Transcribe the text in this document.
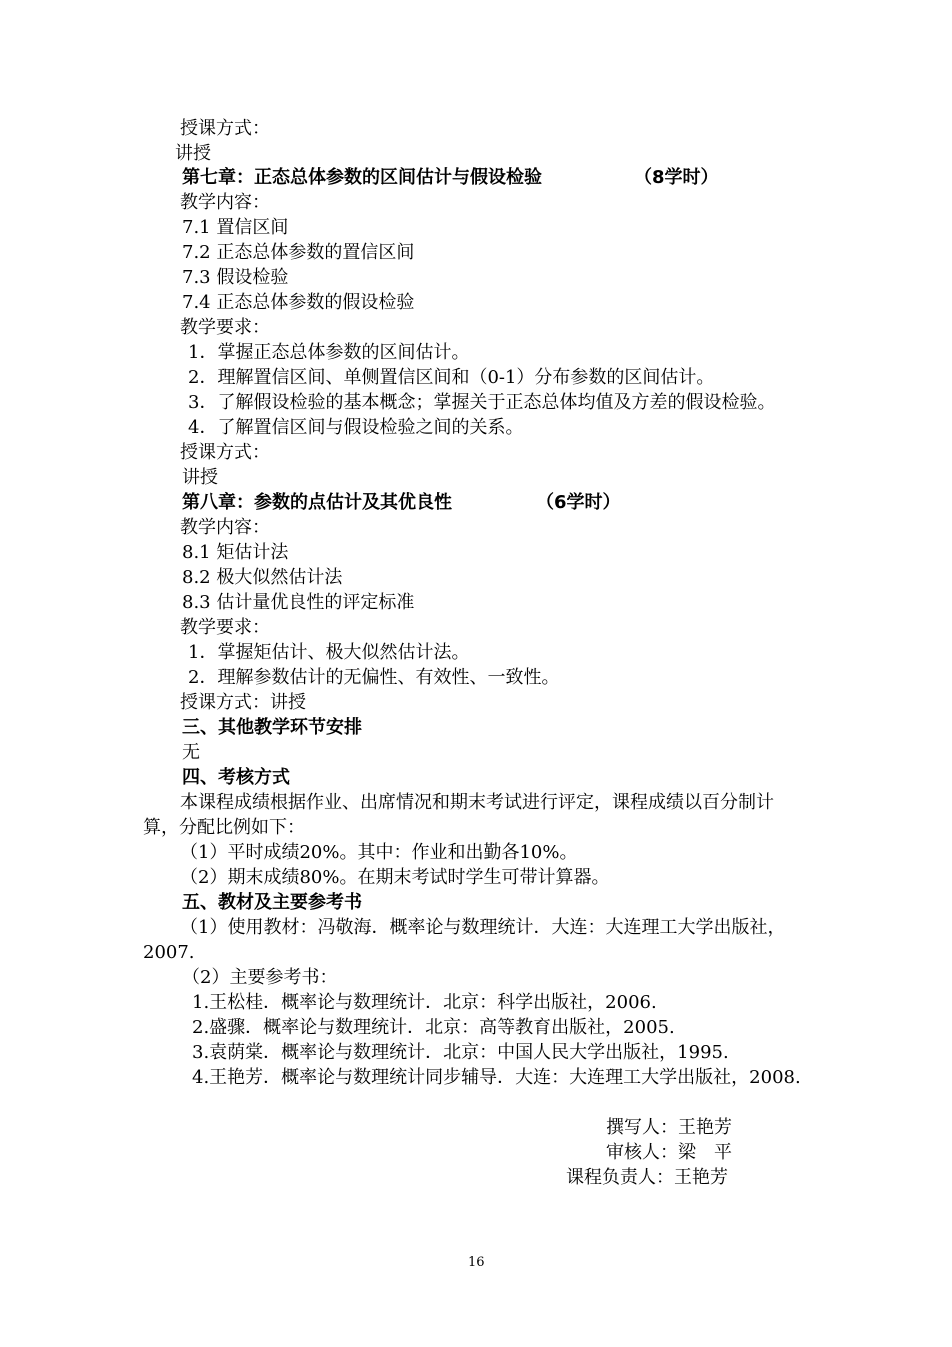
授课方式：
讲授
第七章：正态总体参数的区间估计与假设检验	（8学时）
教学内容：
7.1 置信区间
7.2 正态总体参数的置信区间
7.3 假设检验
7.4 正态总体参数的假设检验
教学要求：
1．掌握正态总体参数的区间估计。
2．理解置信区间、单侧置信区间和（0-1）分布参数的区间估计。
3．了解假设检验的基本概念；掌握关于正态总体均值及方差的假设检验。
4．了解置信区间与假设检验之间的关系。
授课方式：
讲授
第八章：参数的点估计及其优良性	（6学时）
教学内容：
8.1 矩估计法
8.2 极大似然估计法
8.3 估计量优良性的评定标准
教学要求：
1．掌握矩估计、极大似然估计法。
2．理解参数估计的无偏性、有效性、一致性。
授课方式：讲授
三、其他教学环节安排
无
四、考核方式
本课程成绩根据作业、出席情况和期末考试进行评定，课程成绩以百分制计
算，分配比例如下：
（1）平时成绩20%。其中：作业和出勤各10%。
（2）期末成绩80%。在期末考试时学生可带计算器。
五、教材及主要参考书
（1）使用教材：冯敬海．概率论与数理统计．大连：大连理工大学出版社，
2007.
（2）主要参考书：
1.王松桂．概率论与数理统计．北京：科学出版社，2006.
2.盛骤．概率论与数理统计．北京：高等教育出版社，2005.
3.袁荫棠．概率论与数理统计．北京：中国人民大学出版社，1995.
4.王艳芳．概率论与数理统计同步辅导．大连：大连理工大学出版社，2008.
撰写人：王艳芳
审核人：梁　平
课程负责人：王艳芳
16
